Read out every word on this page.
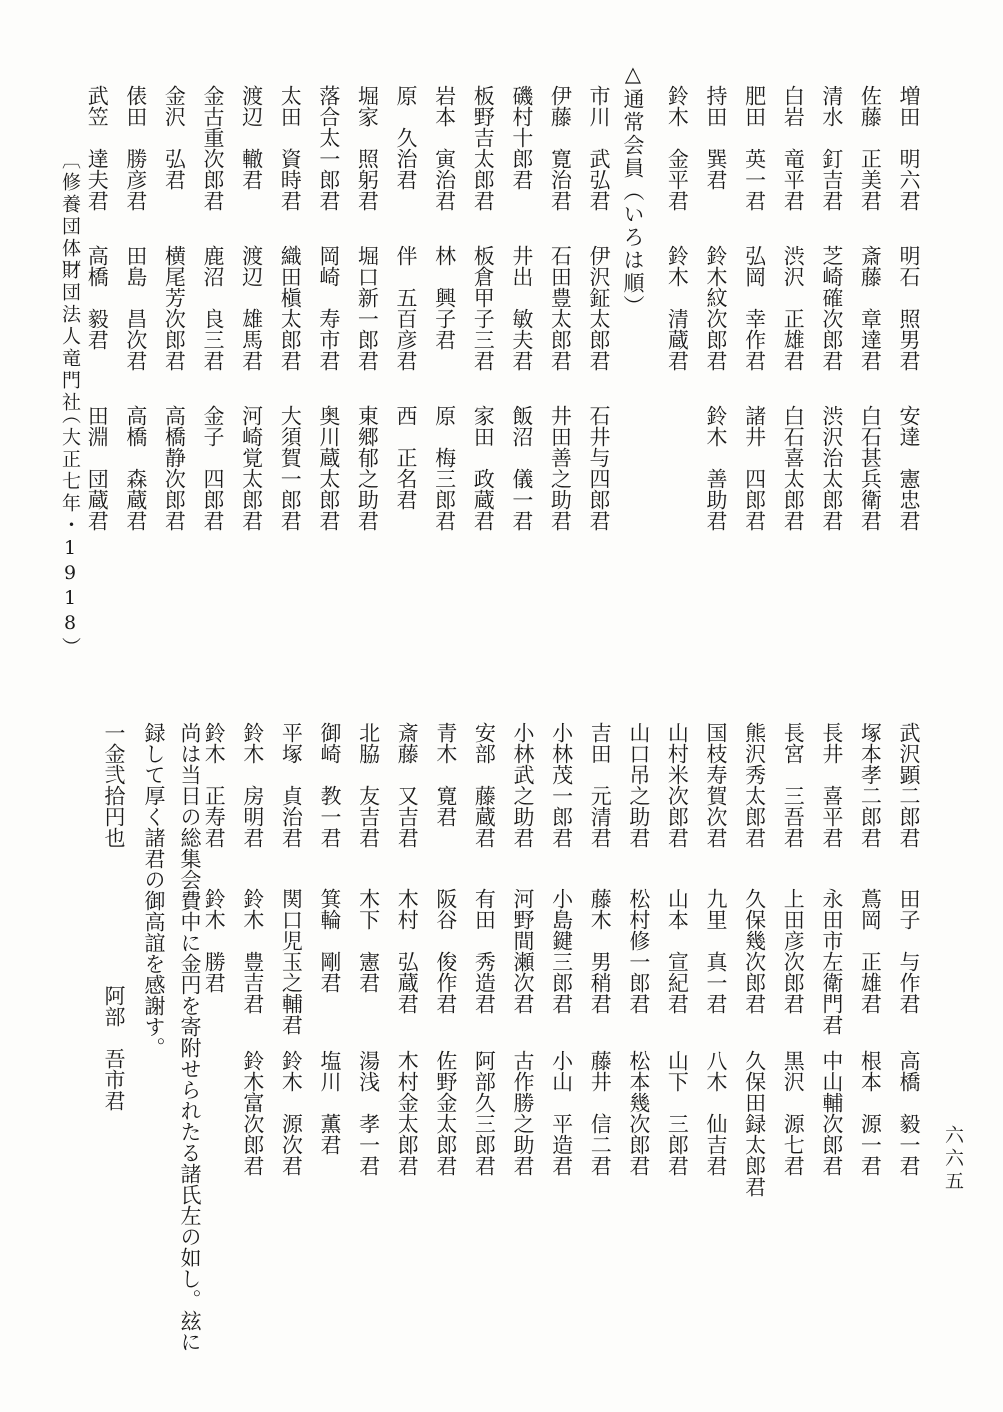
六六五
増田　明六君
明石　照男君
安達　憲忠君
佐藤　正美君
斎藤　章達君
白石甚兵衛君
清水　釘吉君
芝崎確次郎君
渋沢治太郎君
白岩　竜平君
渋沢　正雄君
白石喜太郎君
肥田　英一君
弘岡　幸作君
諸井　四郎君
持田　巽君
鈴木紋次郎君
鈴木　善助君
鈴木　金平君
鈴木　清蔵君
△通常会員（いろは順）
市川　武弘君
伊沢鉦太郎君
石井与四郎君
伊藤　寛治君
石田豊太郎君
井田善之助君
磯村十郎君
井出　敏夫君
飯沼　儀一君
板野吉太郎君
板倉甲子三君
家田　政蔵君
岩本　寅治君
林　興子君
原　梅三郎君
原　久治君
伴　五百彦君
西　正名君
堀家　照躬君
堀口新一郎君
東郷郁之助君
落合太一郎君
岡崎　寿市君
奥川蔵太郎君
太田　資時君
織田槇太郎君
大須賀一郎君
渡辺　轍君
渡辺　雄馬君
河崎覚太郎君
金古重次郎君
鹿沼　良三君
金子　四郎君
金沢　弘君
横尾芳次郎君
高橋静次郎君
俵田　勝彦君
田島　昌次君
高橋　森蔵君
武笠　達夫君
高橋　毅君
田淵　団蔵君
〔修養団体〕
財団法人竜門社
（大正七年・1918）
武沢顕二郎君
田子　与作君
高橋　毅一君
塚本孝二郎君
蔦岡　正雄君
根本　源一君
長井　喜平君
永田市左衛門君
中山輔次郎君
長宮　三吾君
上田彦次郎君
黒沢　源七君
熊沢秀太郎君
久保幾次郎君
久保田録太郎君
国枝寿賀次君
九里　真一君
八木　仙吉君
山村米次郎君
山本　宣紀君
山下　三郎君
山口吊之助君
松村修一郎君
松本幾次郎君
吉田　元清君
藤木　男稍君
藤井　信二君
小林茂一郎君
小島鍵三郎君
小山　平造君
小林武之助君
河野間瀬次君
古作勝之助君
安部　藤蔵君
有田　秀造君
阿部久三郎君
青木　寛君
阪谷　俊作君
佐野金太郎君
斎藤　又吉君
木村　弘蔵君
木村金太郎君
北脇　友吉君
木下　憲君
湯浅　孝一君
御崎　教一君
箕輪　剛君
塩川　薫君
平塚　貞治君
関口児玉之輔君
鈴木　源次君
鈴木　房明君
鈴木　豊吉君
鈴木富次郎君
鈴木　正寿君
鈴木　勝君
尚は当日の総集会費中に金円を寄附せられたる諸氏左の如し。玆に
録して厚く諸君の御高誼を感謝す。
一金弐拾円也
阿部　吾市君
